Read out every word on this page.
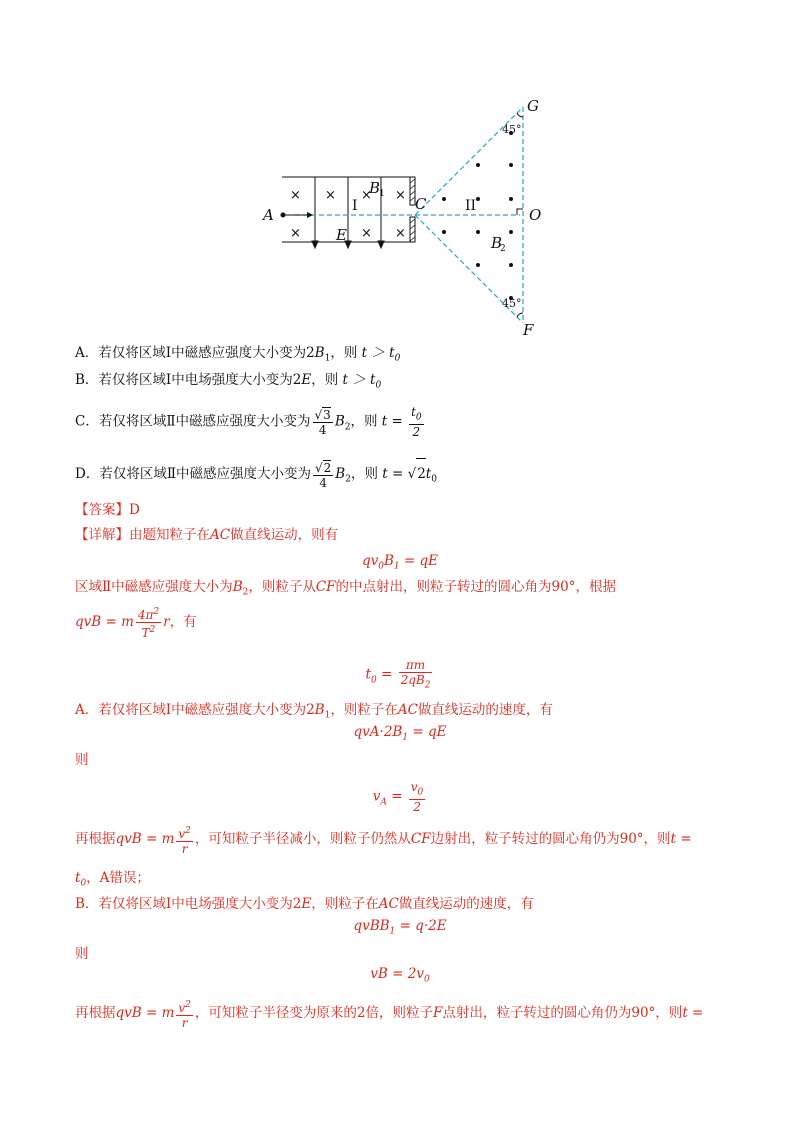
× × × ×
×	× ×
A
C
E
B
O
G
F
B
1
2
I	II
45°
45°
A．若仅将区域Ⅰ中磁感应强度大小变为$2B_1$，则 $t > t_0$
B．若仅将区域Ⅰ中电场强度大小变为2E，则 $t > t_0$
C．若仅将区域Ⅱ中磁感应强度大小变为 $\frac{√3}{4} B_2$，则 $t = \frac{t_0}{2}$
D．若仅将区域Ⅱ中磁感应强度大小变为 $\frac{√2}{4} B_2$，则 $t = √2t_0$
【答案】D
【详解】由题知粒子在AC做直线运动，则有
$qv_0B_1$ = qE
区域Ⅱ中磁感应强度大小为$B_2$，则粒子从CF的中点射出，则粒子转过的圆心角为90°，根据
qvB = m $\frac{4\pi^2}{T^2}$ r，有
$t_0 = \frac{\pi m}{2qB_2}$
A．若仅将区域Ⅰ中磁感应强度大小变为$2B_1$，则粒子在AC做直线运动的速度，有
$qvA\cdot 2B_1$ = qE
则
$v_A = \frac{v_0}{2}$
再根据qvB = m $\frac{v^2}{r}$ ，可知粒子半径减小，则粒子仍然从CF边射出，粒子转过的圆心角仍为90°，则t =
$t_0$，A错误；
B．若仅将区域Ⅰ中电场强度大小变为2E，则粒子在AC做直线运动的速度，有
qvBB$_1$ = q·2E
则
vB = $2v_0$
再根据qvB = m $\frac{v^2}{r}$ ，可知粒子半径变为原来的2倍，则粒子F点射出，粒子转过的圆心角仍为90°，则t =
